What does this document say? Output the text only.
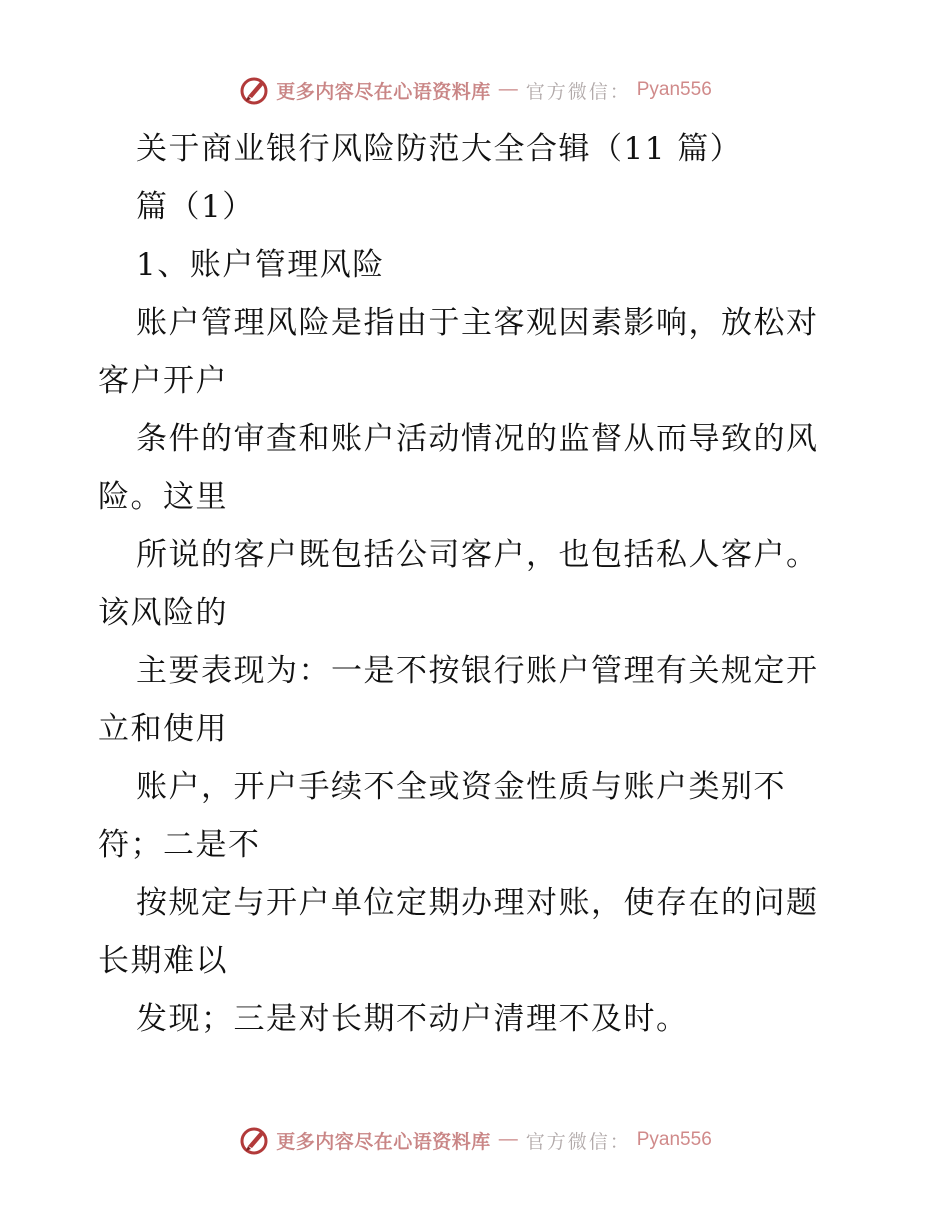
更多内容尽在心语资料库 — 官方微信： Pyan556
关于商业银行风险防范大全合辑（11 篇）
篇（1）
1、账户管理风险
账户管理风险是指由于主客观因素影响，放松对
客户开户
条件的审查和账户活动情况的监督从而导致的风
险。这里
所说的客户既包括公司客户，也包括私人客户。
该风险的
主要表现为：一是不按银行账户管理有关规定开
立和使用
账户，开户手续不全或资金性质与账户类别不
符；二是不
按规定与开户单位定期办理对账，使存在的问题
长期难以
发现；三是对长期不动户清理不及时。
更多内容尽在心语资料库 — 官方微信： Pyan556
